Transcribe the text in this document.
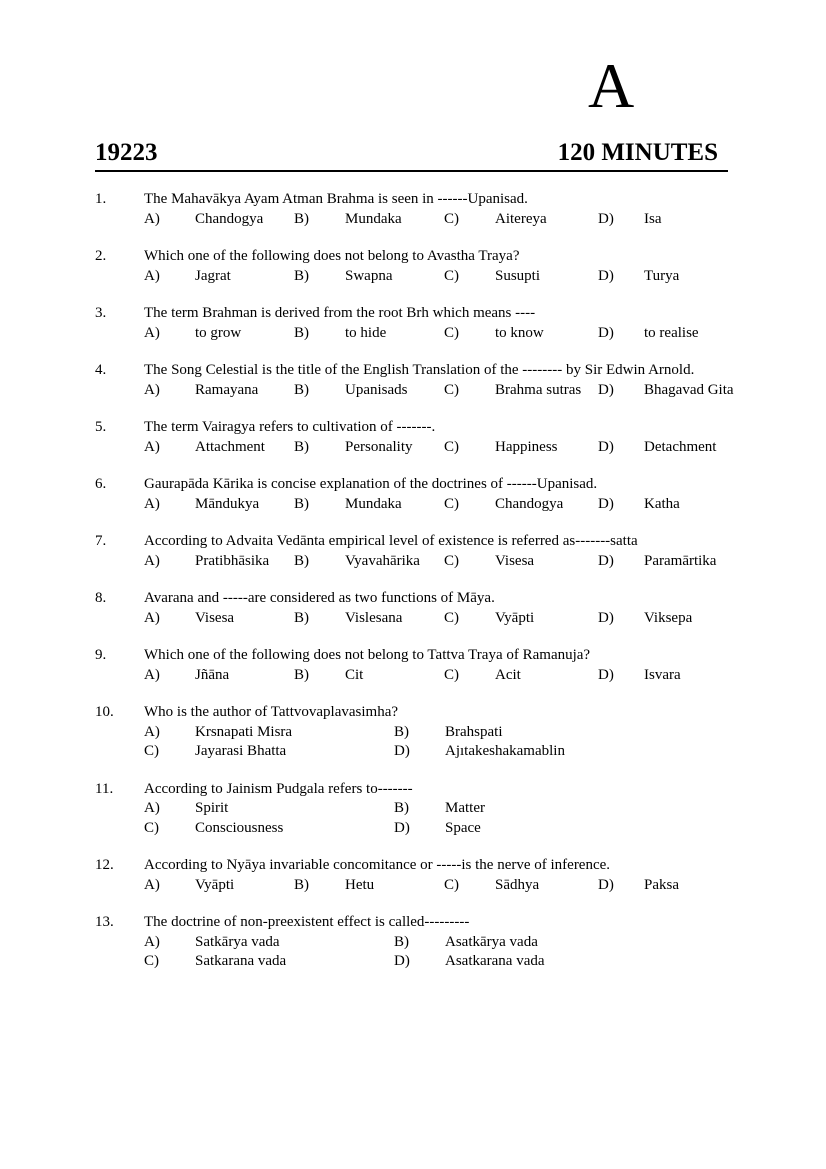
A
19223	120 MINUTES
1.	The Mahavākya Ayam Atman Brahma is seen in ------Upanisad.
A) Chandogya B) Mundaka	C) Aitereya	D) Isa
2.	Which one of the following does not belong to Avastha Traya?
A) Jagrat	B) Swapna	C) Susupti	D) Turya
3.	The term Brahman is derived from the root Brh which means ----
A) to grow	B) to hide	C) to know	D) to realise
4.	The Song Celestial is the title of the English Translation of the -------- by Sir Edwin Arnold.
A) Ramayana B) Upanisads C) Brahma sutras D) Bhagavad Gita
5.	The term Vairagya refers to cultivation of -------.
A) Attachment B) Personality C) Happiness	D) Detachment
6.	Gaurapāda Kārika is concise explanation of the doctrines of ------Upanisad.
A) Māndukya B) Mundaka	C) Chandogya D) Katha
7.	According to Advaita Vedānta empirical level of existence is referred as-------satta
A) Pratibhāsika B) Vyavahārika C) Visesa	D) Paramārtika
8.	Avarana and -----are considered as two functions of Māya.
A) Visesa	B) Vislesana	C) Vyāpti	D) Viksepa
9.	Which one of the following does not belong to Tattva Traya of Ramanuja?
A) Jñāna	B) Cit	C) Acit	D) Isvara
10. Who is the author of Tattvovaplavasimha?
A) Krsnapati Misra	B) Brahspati
C) Jayarasi Bhatta	D) Ajıtakeshakamablin
11. According to Jainism Pudgala refers to-------
A) Spirit	B) Matter
C) Consciousness	D) Space
12. According to Nyāya invariable concomitance or -----is the nerve of inference.
A) Vyāpti	B) Hetu	C) Sādhya	D) Paksa
13. The doctrine of non-preexistent effect is called---------
A) Satkārya vada	B) Asatkārya vada
C) Satkarana vada	D) Asatkarana vada
